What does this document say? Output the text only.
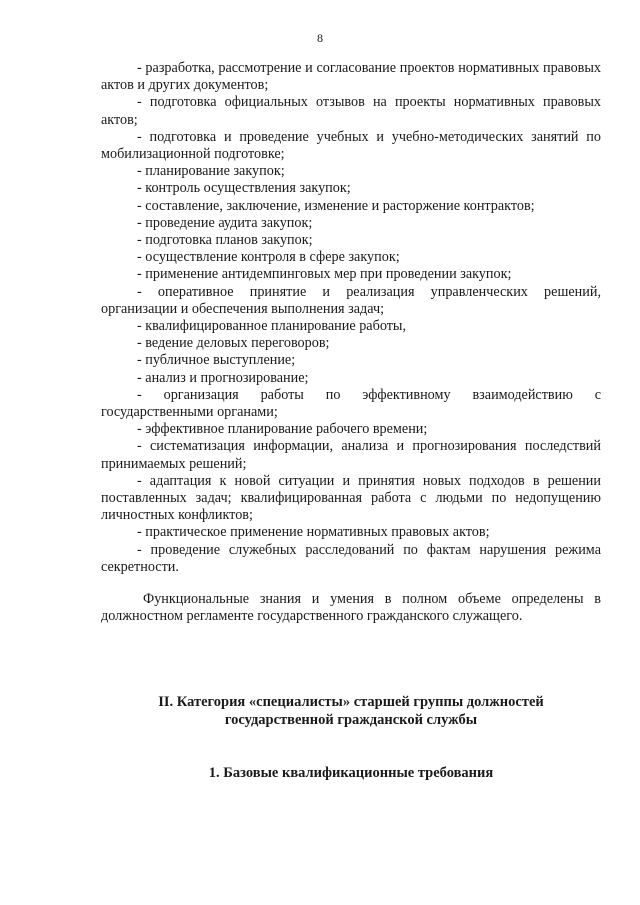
8

- разработка, рассмотрение и согласование проектов нормативных правовых актов и других документов;

- подготовка официальных отзывов на проекты нормативных правовых актов;

- подготовка и проведение учебных и учебно-методических занятий по мобилизационной подготовке;

- планирование закупок;

- контроль осуществления закупок;

- составление, заключение, изменение и расторжение контрактов;

- проведение аудита закупок;

- подготовка планов закупок;

- осуществление контроля в сфере закупок;

- применение антидемпинговых мер при проведении закупок;

- оперативное принятие и реализация управленческих решений, организации и обеспечения выполнения задач;

- квалифицированное планирование работы,

- ведение деловых переговоров;

- публичное выступление;

- анализ и прогнозирование;

- организация работы по эффективному взаимодействию с государственными органами;

- эффективное планирование рабочего времени;

- систематизация информации, анализа и прогнозирования последствий принимаемых решений;

- адаптация к новой ситуации и принятия новых подходов в решении поставленных задач; квалифицированная работа с людьми по недопущению личностных конфликтов;

- практическое применение нормативных правовых актов;

- проведение служебных расследований по фактам нарушения режима секретности.

Функциональные знания и умения в полном объеме определены в должностном регламенте государственного гражданского служащего.

II. Категория «специалисты» старшей группы должностей
государственной гражданской службы
1. Базовые квалификационные требования
